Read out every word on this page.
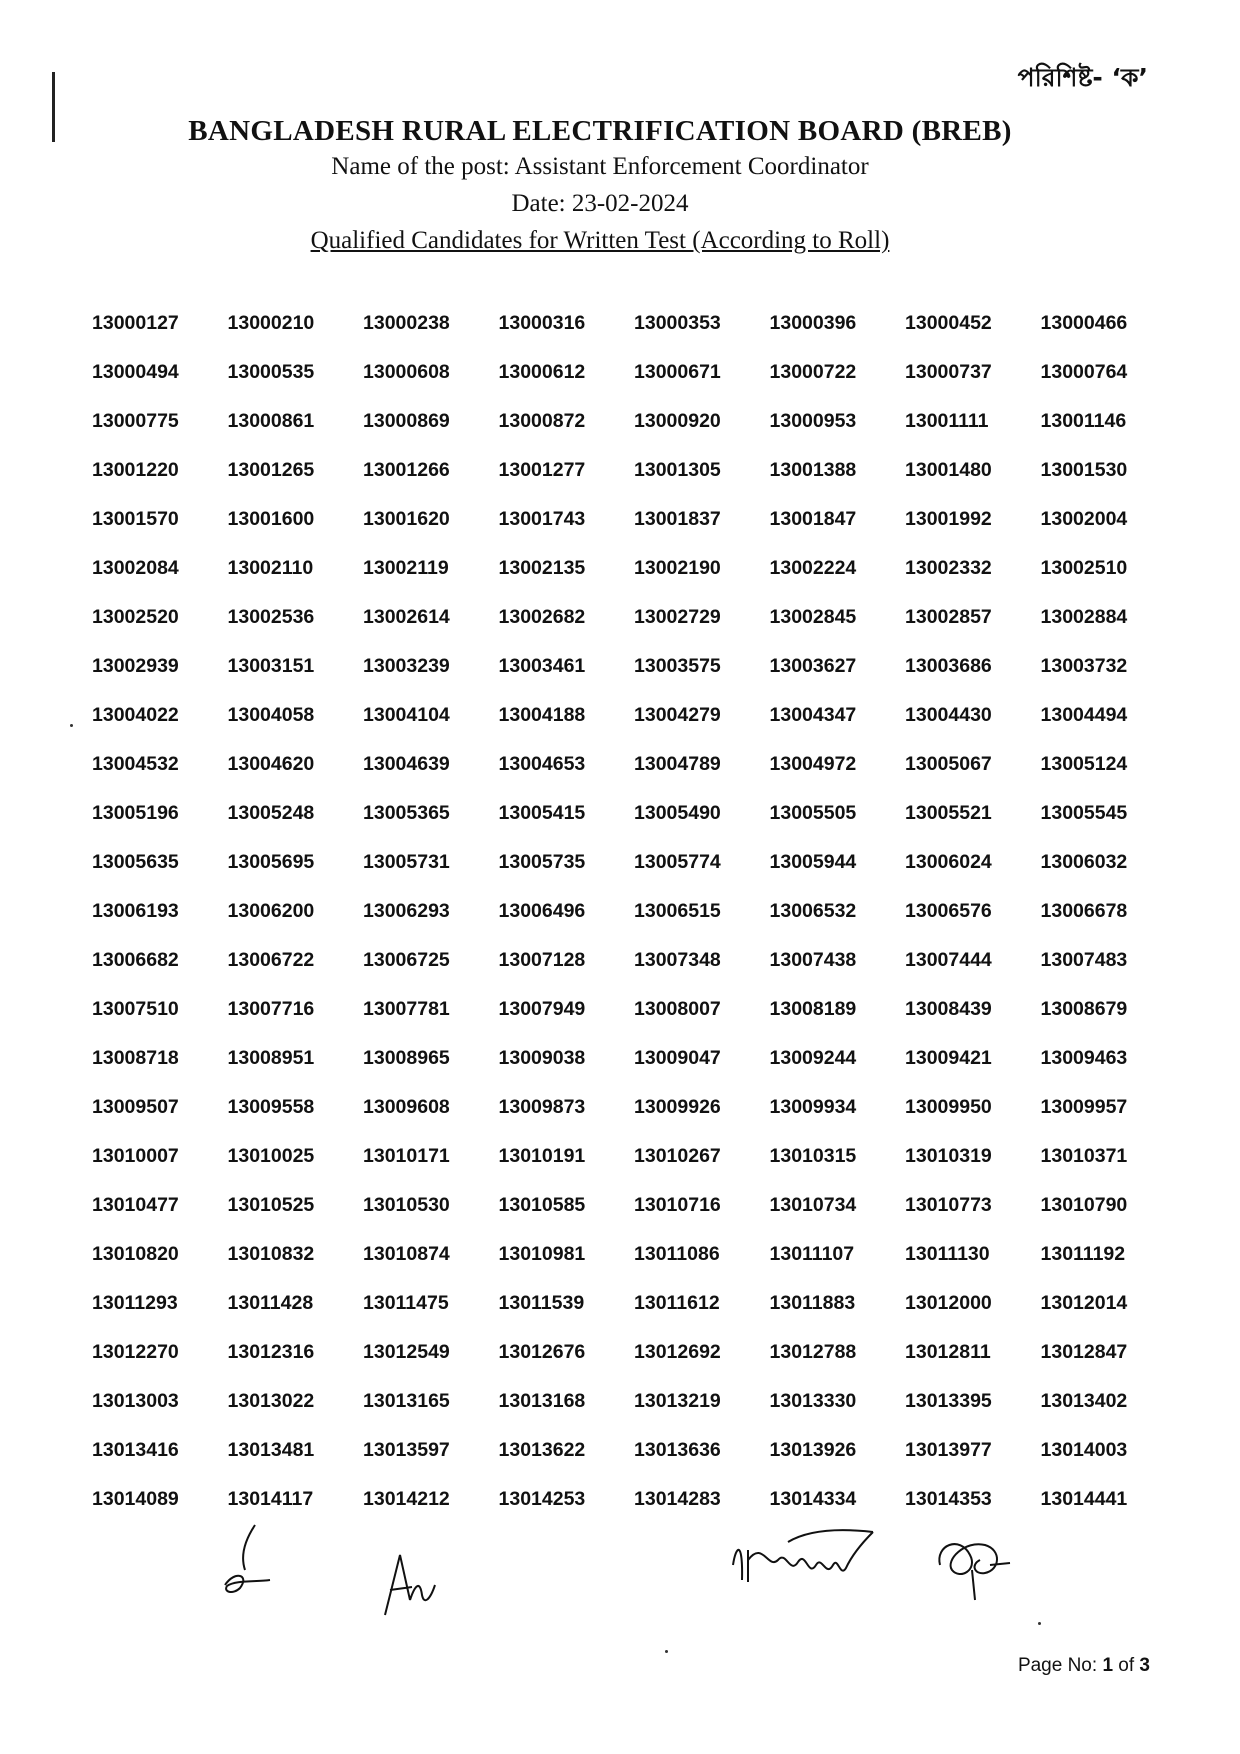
পরিশিষ্ট- ‘ক’
BANGLADESH RURAL ELECTRIFICATION BOARD (BREB)
Name of the post: Assistant Enforcement Coordinator
Date: 23-02-2024
Qualified Candidates for Written Test (According to Roll)
13000127	13000210	13000238	13000316	13000353	13000396	13000452	13000466
13000494	13000535	13000608	13000612	13000671	13000722	13000737	13000764
13000775	13000861	13000869	13000872	13000920	13000953	13001111	13001146
13001220	13001265	13001266	13001277	13001305	13001388	13001480	13001530
13001570	13001600	13001620	13001743	13001837	13001847	13001992	13002004
13002084	13002110	13002119	13002135	13002190	13002224	13002332	13002510
13002520	13002536	13002614	13002682	13002729	13002845	13002857	13002884
13002939	13003151	13003239	13003461	13003575	13003627	13003686	13003732
13004022	13004058	13004104	13004188	13004279	13004347	13004430	13004494
13004532	13004620	13004639	13004653	13004789	13004972	13005067	13005124
13005196	13005248	13005365	13005415	13005490	13005505	13005521	13005545
13005635	13005695	13005731	13005735	13005774	13005944	13006024	13006032
13006193	13006200	13006293	13006496	13006515	13006532	13006576	13006678
13006682	13006722	13006725	13007128	13007348	13007438	13007444	13007483
13007510	13007716	13007781	13007949	13008007	13008189	13008439	13008679
13008718	13008951	13008965	13009038	13009047	13009244	13009421	13009463
13009507	13009558	13009608	13009873	13009926	13009934	13009950	13009957
13010007	13010025	13010171	13010191	13010267	13010315	13010319	13010371
13010477	13010525	13010530	13010585	13010716	13010734	13010773	13010790
13010820	13010832	13010874	13010981	13011086	13011107	13011130	13011192
13011293	13011428	13011475	13011539	13011612	13011883	13012000	13012014
13012270	13012316	13012549	13012676	13012692	13012788	13012811	13012847
13013003	13013022	13013165	13013168	13013219	13013330	13013395	13013402
13013416	13013481	13013597	13013622	13013636	13013926	13013977	13014003
13014089	13014117	13014212	13014253	13014283	13014334	13014353	13014441
Page No: 1 of 3
